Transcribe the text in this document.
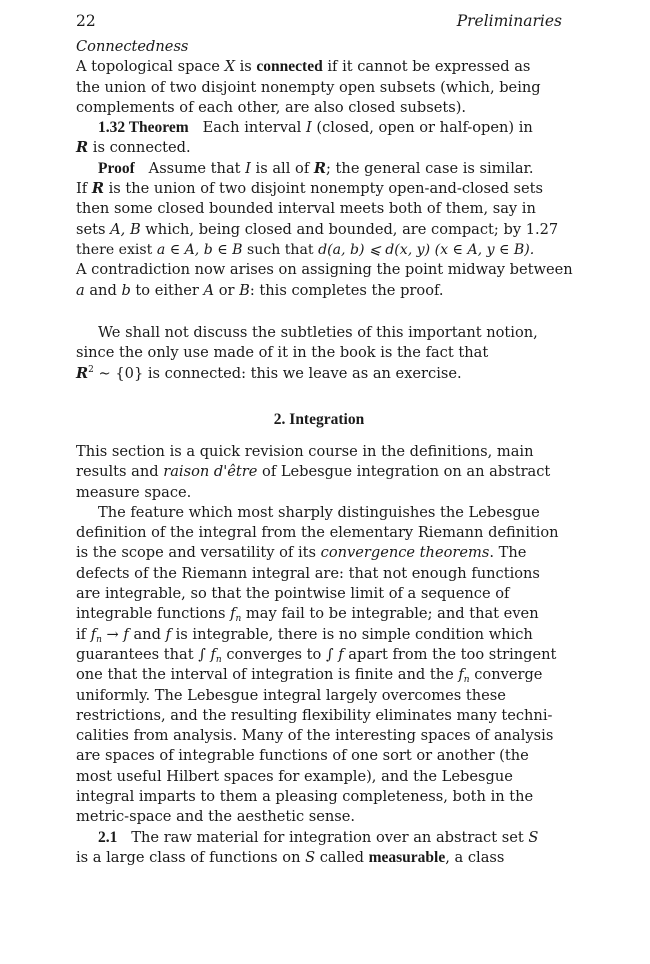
22	Preliminaries
Connectedness
A topological space X is connected if it cannot be expressed as
the union of two disjoint nonempty open subsets (which, being
complements of each other, are also closed subsets).
1.32 Theorem Each interval I (closed, open or half-open) in
R is connected.
Proof Assume that I is all of R; the general case is similar.
If R is the union of two disjoint nonempty open-and-closed sets
then some closed bounded interval meets both of them, say in
sets A, B which, being closed and bounded, are compact; by 1.27
there exist a ∈ A, b ∈ B such that d(a, b) ⩽ d(x, y) (x ∈ A, y ∈ B).
A contradiction now arises on assigning the point midway between
a and b to either A or B: this completes the proof.
We shall not discuss the subtleties of this important notion,
since the only use made of it in the book is the fact that
$R^2$ ∼ {0} is connected: this we leave as an exercise.
2. Integration
This section is a quick revision course in the definitions, main
results and raison d'être of Lebesgue integration on an abstract
measure space.
The feature which most sharply distinguishes the Lebesgue
definition of the integral from the elementary Riemann definition
is the scope and versatility of its convergence theorems. The
defects of the Riemann integral are: that not enough functions
are integrable, so that the pointwise limit of a sequence of
integrable functions $f_n$ may fail to be integrable; and that even
if $f_n \to f$ and f is integrable, there is no simple condition which
guarantees that ∫ $f_n$ converges to ∫ f apart from the too stringent
one that the interval of integration is finite and the $f_n$ converge
uniformly. The Lebesgue integral largely overcomes these
restrictions, and the resulting flexibility eliminates many techni-
calities from analysis. Many of the interesting spaces of analysis
are spaces of integrable functions of one sort or another (the
most useful Hilbert spaces for example), and the Lebesgue
integral imparts to them a pleasing completeness, both in the
metric-space and the aesthetic sense.
2.1 The raw material for integration over an abstract set S
is a large class of functions on S called measurable, a class
